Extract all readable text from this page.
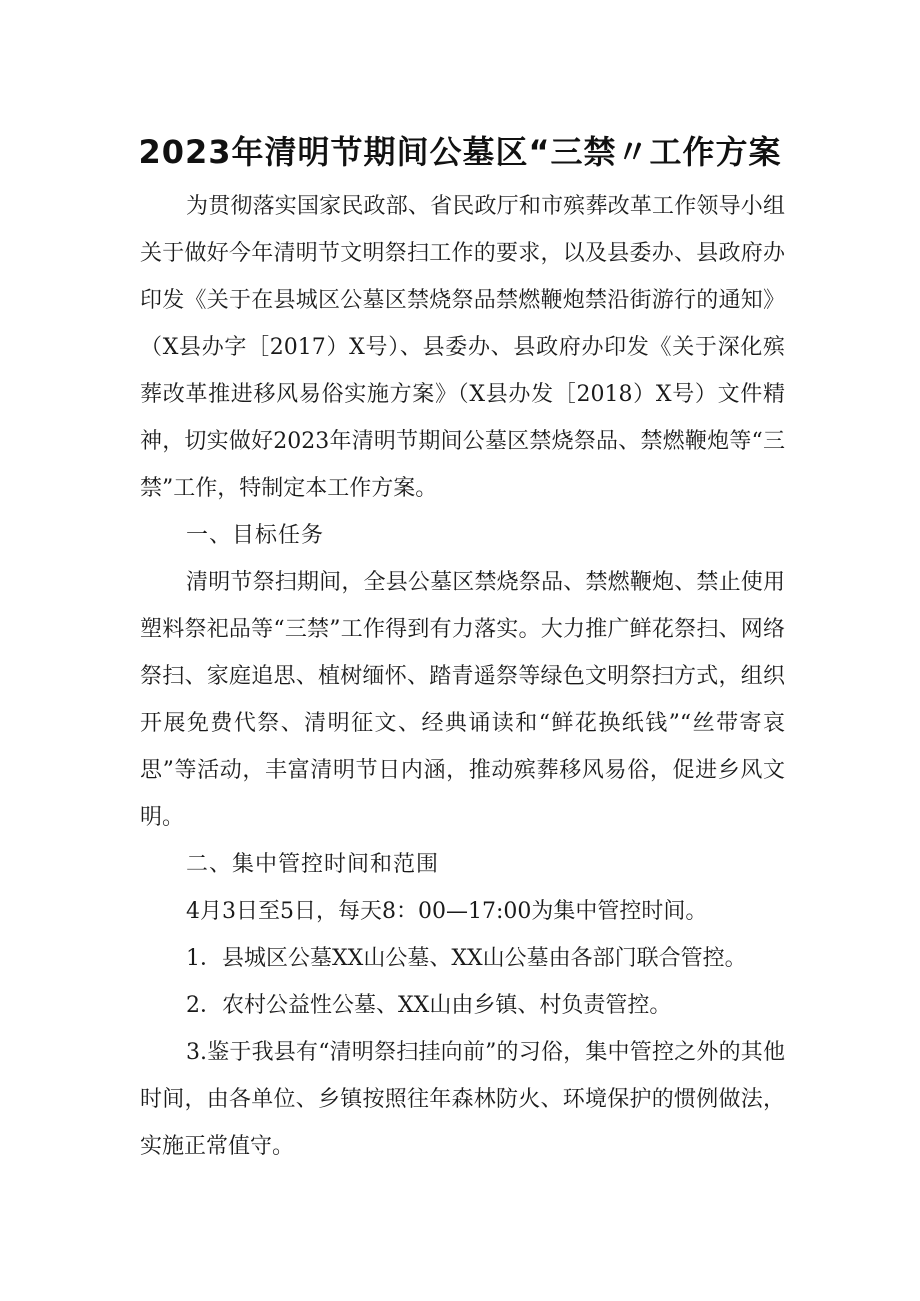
2023年清明节期间公墓区“三禁〃工作方案

为贯彻落实国家民政部、省民政厅和市殡葬改革工作领导小组关于做好今年清明节文明祭扫工作的要求，以及县委办、县政府办印发《关于在县城区公墓区禁烧祭品禁燃鞭炮禁沿街游行的通知》（X县办字［2017）X号）、县委办、县政府办印发《关于深化殡葬改革推进移风易俗实施方案》（X县办发［2018）X号）文件精神，切实做好2023年清明节期间公墓区禁烧祭品、禁燃鞭炮等“三禁”工作，特制定本工作方案。

一、目标任务

清明节祭扫期间，全县公墓区禁烧祭品、禁燃鞭炮、禁止使用塑料祭祀品等“三禁”工作得到有力落实。大力推广鲜花祭扫、网络祭扫、家庭追思、植树缅怀、踏青遥祭等绿色文明祭扫方式，组织开展免费代祭、清明征文、经典诵读和“鲜花换纸钱”“丝带寄哀思”等活动，丰富清明节日内涵，推动殡葬移风易俗，促进乡风文明。

二、集中管控时间和范围

4月3日至5日，每天8：00—17:00为集中管控时间。

1．县城区公墓XX山公墓、XX山公墓由各部门联合管控。

2．农村公益性公墓、XX山由乡镇、村负责管控。

3.鉴于我县有“清明祭扫挂向前”的习俗，集中管控之外的其他时间，由各单位、乡镇按照往年森林防火、环境保护的惯例做法，实施正常值守。
